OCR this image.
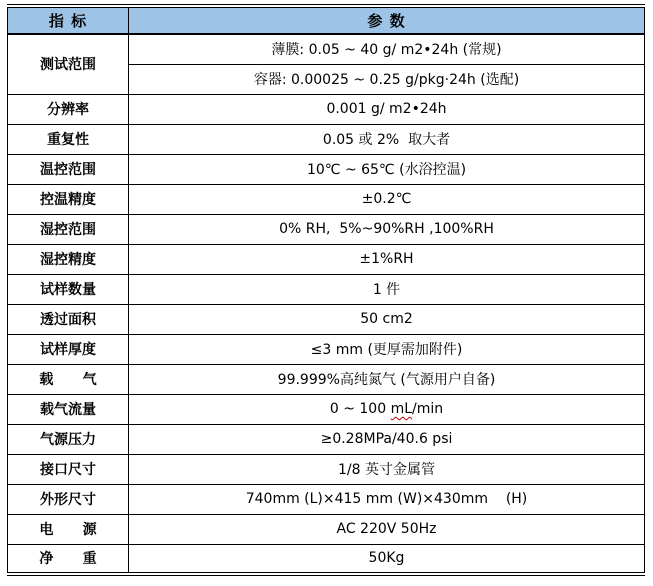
指 标	参 数
测试范围	薄膜: 0.05 ~ 40 g/ m2•24h (常规)
	容器: 0.00025 ~ 0.25 g/pkg·24h (选配)
分辨率	0.001 g/ m2•24h
重复性	0.05 或 2%  取大者
温控范围	10℃ ~ 65℃ (水浴控温)
控温精度	±0.2℃
湿控范围	0% RH,  5%~90%RH ,100%RH
湿控精度	±1%RH
试样数量	1 件
透过面积	50 cm2
试样厚度	≤3 mm (更厚需加附件)
载      气	99.999%高纯氮气 (气源用户自备)
载气流量	0 ~ 100 mL/min
气源压力	≥0.28MPa/40.6 psi
接口尺寸	1/8 英寸金属管
外形尺寸	740mm (L)×415 mm (W)×430mm    (H)
电      源	AC 220V 50Hz
净      重	50Kg
